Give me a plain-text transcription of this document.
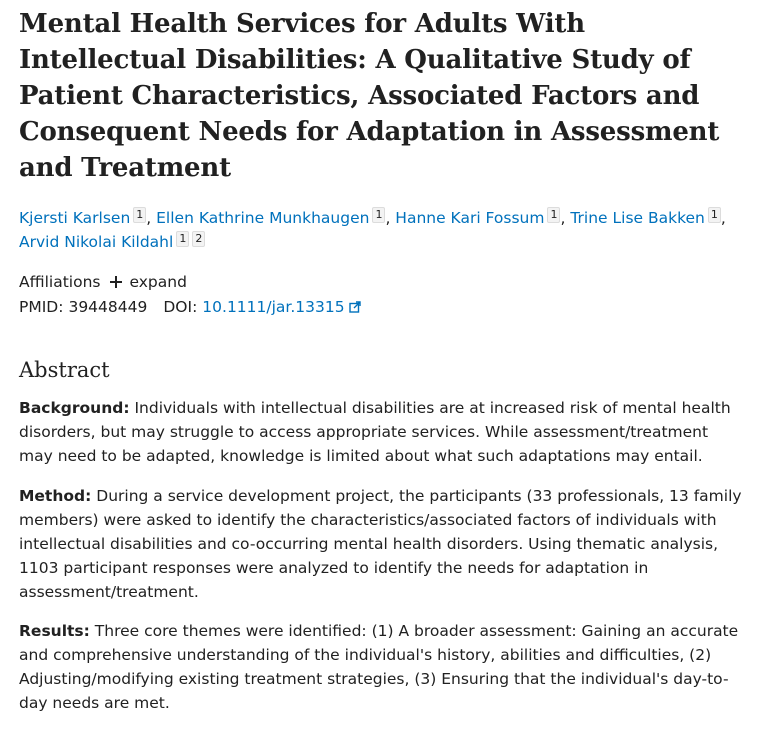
Mental Health Services for Adults With Intellectual Disabilities: A Qualitative Study of Patient Characteristics, Associated Factors and Consequent Needs for Adaptation in Assessment and Treatment
Kjersti Karlsen 1 , Ellen Kathrine Munkhaugen 1 , Hanne Kari Fossum 1 , Trine Lise Bakken 1 ,
Arvid Nikolai Kildahl 1 2
Affiliations expand
PMID: 39448449 DOI: 10.1111/jar.13315
Abstract

Background: Individuals with intellectual disabilities are at increased risk of mental health disorders, but may struggle to access appropriate services. While assessment/treatment may need to be adapted, knowledge is limited about what such adaptations may entail.

Method: During a service development project, the participants (33 professionals, 13 family members) were asked to identify the characteristics/associated factors of individuals with intellectual disabilities and co-occurring mental health disorders. Using thematic analysis, 1103 participant responses were analyzed to identify the needs for adaptation in assessment/treatment.

Results: Three core themes were identified: (1) A broader assessment: Gaining an accurate and comprehensive understanding of the individual's history, abilities and difficulties, (2) Adjusting/modifying existing treatment strategies, (3) Ensuring that the individual's day-to-day needs are met.
